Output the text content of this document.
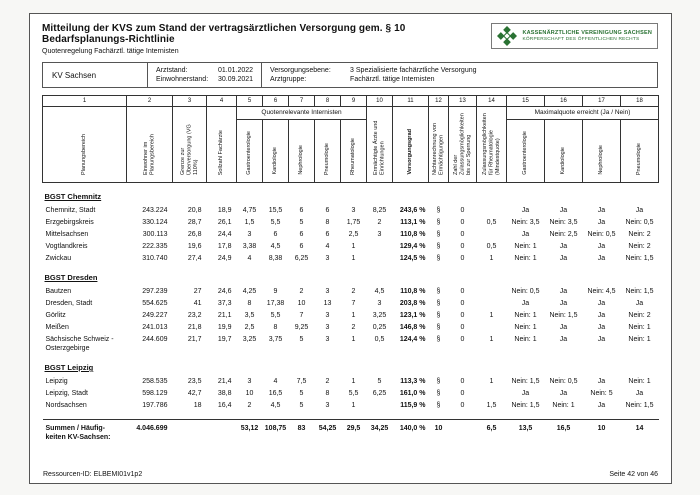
Mitteilung der KVS zum Stand der vertragsärztlichen Versorgung gem. § 10 Bedarfsplanungs-Richtlinie
Quotenregelung Fachärztl. tätige Internisten
KASSENÄRZTLICHE VEREINIGUNG SACHSEN
KÖRPERSCHAFT DES ÖFFENTLICHEN RECHTS
KV Sachsen	Arztstand:	01.01.2022
Einwohnerstand:	30.09.2021
Versorgungsebene:	3 Spezialisierte fachärztliche Versorgung
Arztgruppe:	Fachärztl. tätige Internisten
1	2	3	4	5	6	7	8	9	10	11	12	13	14	15	16	17	18
Planungsbereich	Einwohner im Planungsbereich	Grenze zur Überversorgung (VG 110%)	Sollzahl Fachärzte	Quotenrelevante Internisten					Ermächtigte Ärzte und Einrichtungen	Versorgungsgrad	Nichtanrechnung von Ermächtigungen	Zahl der Zulassungsmöglichkeiten bis zur Sperrung	Zulassungsmöglichkeiten für Rheumatologie (Mindestquote)	Maximalquote erreicht (Ja / Nein)			
				Gastroenterologie	Kardiologie	Nephrologie	Pneumologie	Rheumatologie						Gastroenterologie	Kardiologie	Nephrologie	Pneumologie
BGST Chemnitz																	
Chemnitz, Stadt	243.224	20,8	18,9	4,75	15,5	6	6	3	8,25	243,6 %	§	0		Ja	Ja	Ja	Ja
Erzgebirgskreis	330.124	28,7	26,1	1,5	5,5	5	8	1,75	2	113,1 %	§	0	0,5	Nein: 3,5	Nein: 3,5	Ja	Nein: 0,5
Mittelsachsen	300.113	26,8	24,4	3	6	6	6	2,5	3	110,8 %	§	0		Ja	Nein: 2,5	Nein: 0,5	Nein: 2
Vogtlandkreis	222.335	19,6	17,8	3,38	4,5	6	4	1		129,4 %	§	0	0,5	Nein: 1	Ja	Ja	Nein: 2
Zwickau	310.740	27,4	24,9	4	8,38	6,25	3	1		124,5 %	§	0	1	Nein: 1	Ja	Ja	Nein: 1,5
BGST Dresden																	
Bautzen	297.239	27	24,6	4,25	9	2	3	2	4,5	110,8 %	§	0		Nein: 0,5	Ja	Nein: 4,5	Nein: 1,5
Dresden, Stadt	554.625	41	37,3	8	17,38	10	13	7	3	203,8 %	§	0		Ja	Ja	Ja	Ja
Görlitz	249.227	23,2	21,1	3,5	5,5	7	3	1	3,25	123,1 %	§	0	1	Nein: 1	Nein: 1,5	Ja	Nein: 2
Meißen	241.013	21,8	19,9	2,5	8	9,25	3	2	0,25	146,8 %	§	0		Nein: 1	Ja	Ja	Nein: 1
Sächsische Schweiz - Osterzgebirge	244.609	21,7	19,7	3,25	3,75	5	3	1	0,5	124,4 %	§	0	1	Nein: 1	Ja	Ja	Nein: 1
BGST Leipzig																	
Leipzig	258.535	23,5	21,4	3	4	7,5	2	1	5	113,3 %	§	0	1	Nein: 1,5	Nein: 0,5	Ja	Nein: 1
Leipzig, Stadt	598.129	42,7	38,8	10	16,5	5	8	5,5	6,25	161,0 %	§	0		Ja	Ja	Nein: 5	Ja
Nordsachsen	197.786	18	16,4	2	4,5	5	3	1		115,9 %	§	0	1,5	Nein: 1,5	Nein: 1	Ja	Nein: 1,5

Summen / Häufig-keiten KV-Sachsen:	4.046.699			53,12	108,75	83	54,25	29,5	34,25	140,0 %	10		6,5	13,5	16,5	10	14
Ressourcen-ID: ELBEMI01v1p2	Seite 42 von 46
